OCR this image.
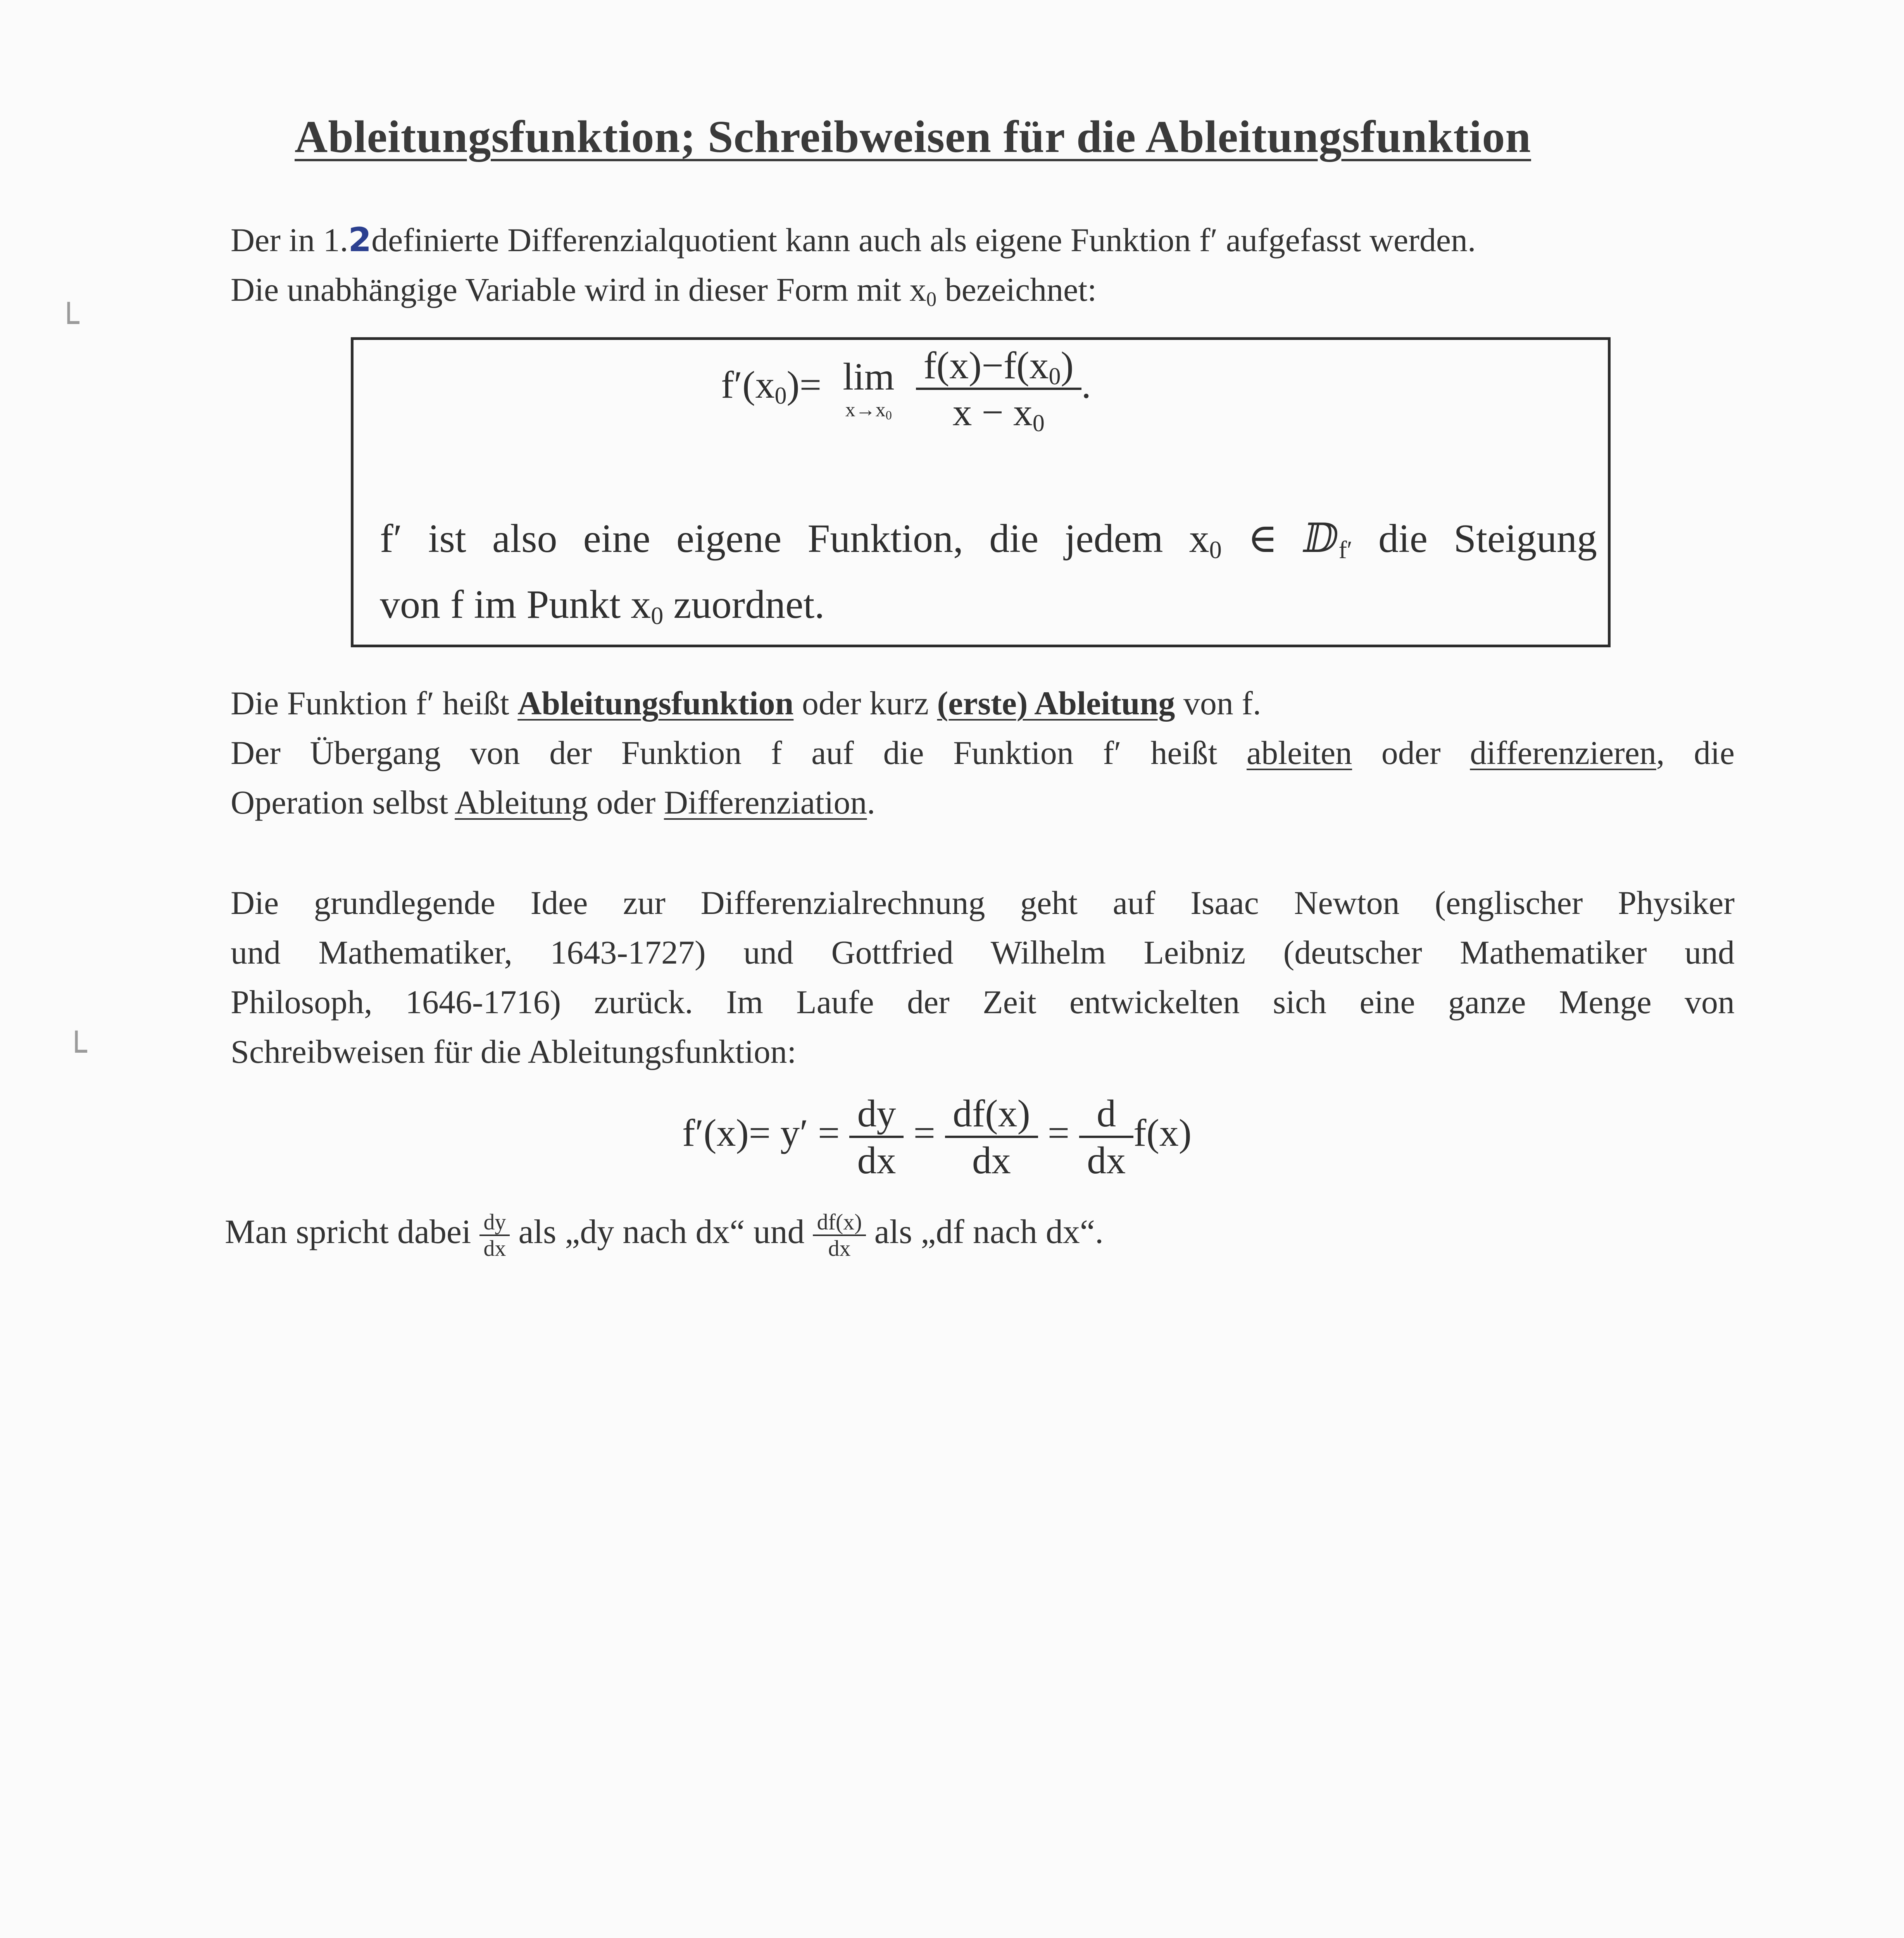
Ableitungsfunktion; Schreibweisen für die Ableitungsfunktion
Der in 1.2definierte Differenzialquotient kann auch als eigene Funktion f′ aufgefasst werden.
Die unabhängige Variable wird in dieser Form mit $x_0$ bezeichnet:
$f'(x_0)= \lim$
$x\to x_0$
$\frac{f(x)-f(x_0)}{x - x_0}$ .
f′ ist also eine eigene Funktion, die jedem $x_0$ ∈ ⅅ$_{f'}$ die Steigung
von f im Punkt $x_0$ zuordnet.
Die Funktion f′ heißt Ableitungsfunktion oder kurz (erste) Ableitung von f.
Der Übergang von der Funktion f auf die Funktion f′ heißt ableiten oder differenzieren, die
Operation selbst Ableitung oder Differenziation.
Die grundlegende Idee zur Differenzialrechnung geht auf Isaac Newton (englischer Physiker
und Mathematiker, 1643-1727) und Gottfried Wilhelm Leibniz (deutscher Mathematiker und
Philosoph, 1646-1716) zurück. Im Laufe der Zeit entwickelten sich eine ganze Menge von
Schreibweisen für die Ableitungsfunktion:
$f'(x)= y' = \frac{dy}{dx} = \frac{df(x)}{dx} = \frac{d}{dx} f(x)$
Man spricht dabei $\frac{dy}{dx}$ als „dy nach dx“ und $\frac{df(x)}{dx}$ als „df nach dx“.
└
└
